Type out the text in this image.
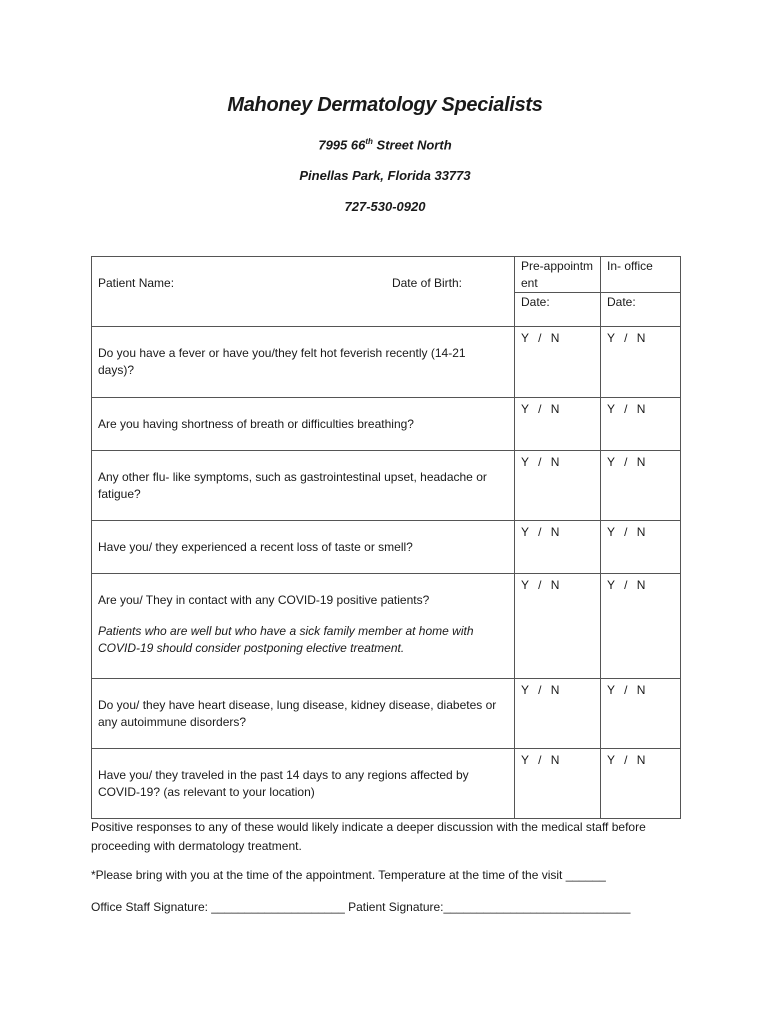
Mahoney Dermatology Specialists
7995 66th Street North
Pinellas Park, Florida 33773
727-530-0920
Patient Name: Date of Birth:	Pre-appointment	In- office

	Date:	Date:

Do you have a fever or have you/they felt hot feverish recently (14-21 days)?	Y / N	Y / N

Are you having shortness of breath or difficulties breathing?	Y / N	Y / N

Any other flu- like symptoms, such as gastrointestinal upset, headache or fatigue?	Y / N	Y / N

Have you/ they experienced a recent loss of taste or smell?	Y / N	Y / N

Are you/ They in contact with any COVID-19 positive patients?
Patients who are well but who have a sick family member at home with COVID-19 should consider postponing elective treatment.	Y / N	Y / N

Do you/ they have heart disease, lung disease, kidney disease, diabetes or any autoimmune disorders?	Y / N	Y / N

Have you/ they traveled in the past 14 days to any regions affected by COVID-19? (as relevant to your location)	Y / N	Y / N
Positive responses to any of these would likely indicate a deeper discussion with the medical staff before proceeding with dermatology treatment.
*Please bring with you at the time of the appointment. Temperature at the time of the visit ______
Office Staff Signature: ____________________ Patient Signature:____________________________
